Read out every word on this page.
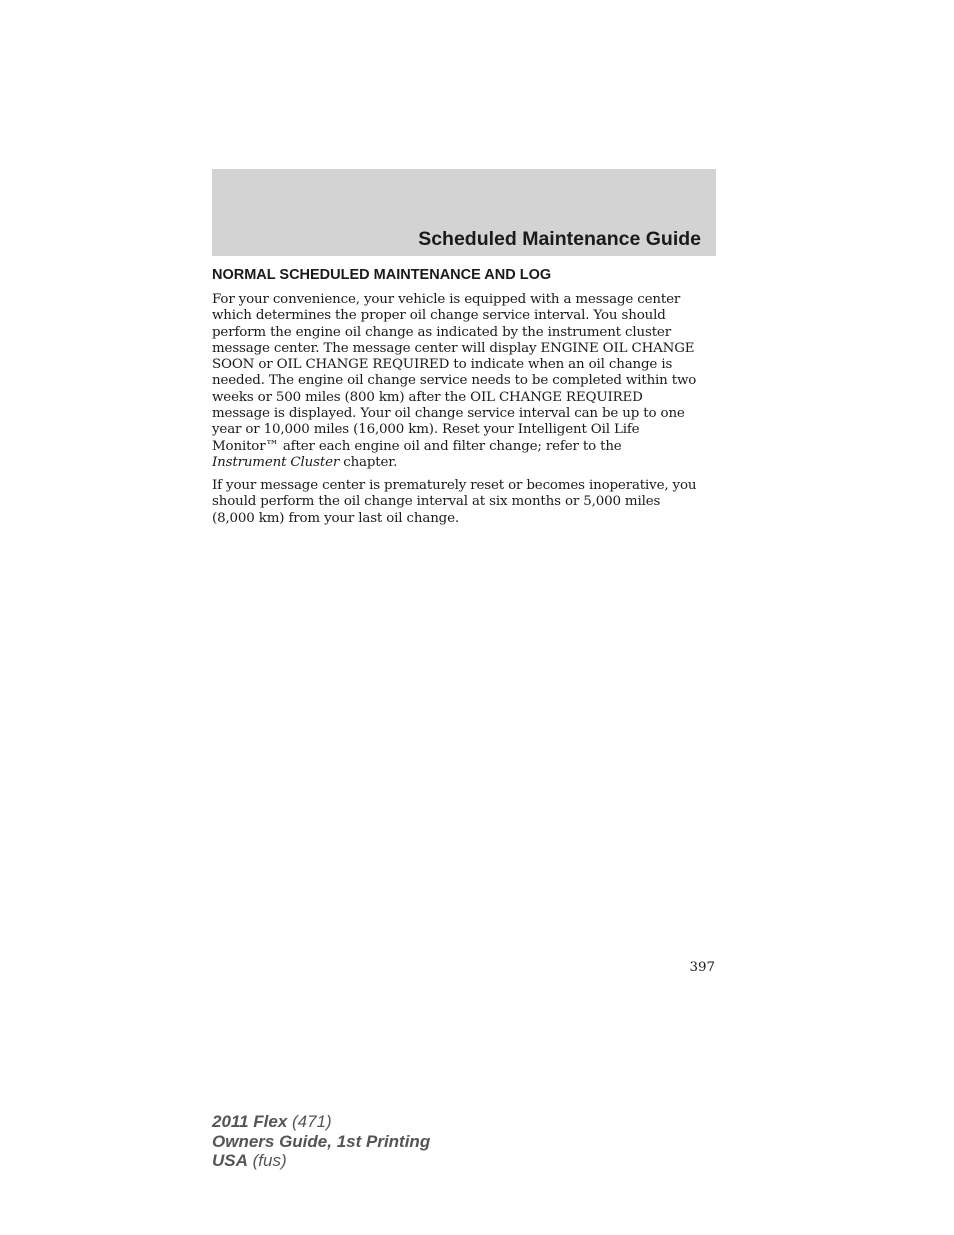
Scheduled Maintenance Guide
NORMAL SCHEDULED MAINTENANCE AND LOG
For your convenience, your vehicle is equipped with a message center
which determines the proper oil change service interval. You should
perform the engine oil change as indicated by the instrument cluster
message center. The message center will display ENGINE OIL CHANGE
SOON or OIL CHANGE REQUIRED to indicate when an oil change is
needed. The engine oil change service needs to be completed within two
weeks or 500 miles (800 km) after the OIL CHANGE REQUIRED
message is displayed. Your oil change service interval can be up to one
year or 10,000 miles (16,000 km). Reset your Intelligent Oil Life
Monitor™ after each engine oil and filter change; refer to the
Instrument Cluster chapter.
If your message center is prematurely reset or becomes inoperative, you
should perform the oil change interval at six months or 5,000 miles
(8,000 km) from your last oil change.
397
2011 Flex (471)
Owners Guide, 1st Printing
USA (fus)
